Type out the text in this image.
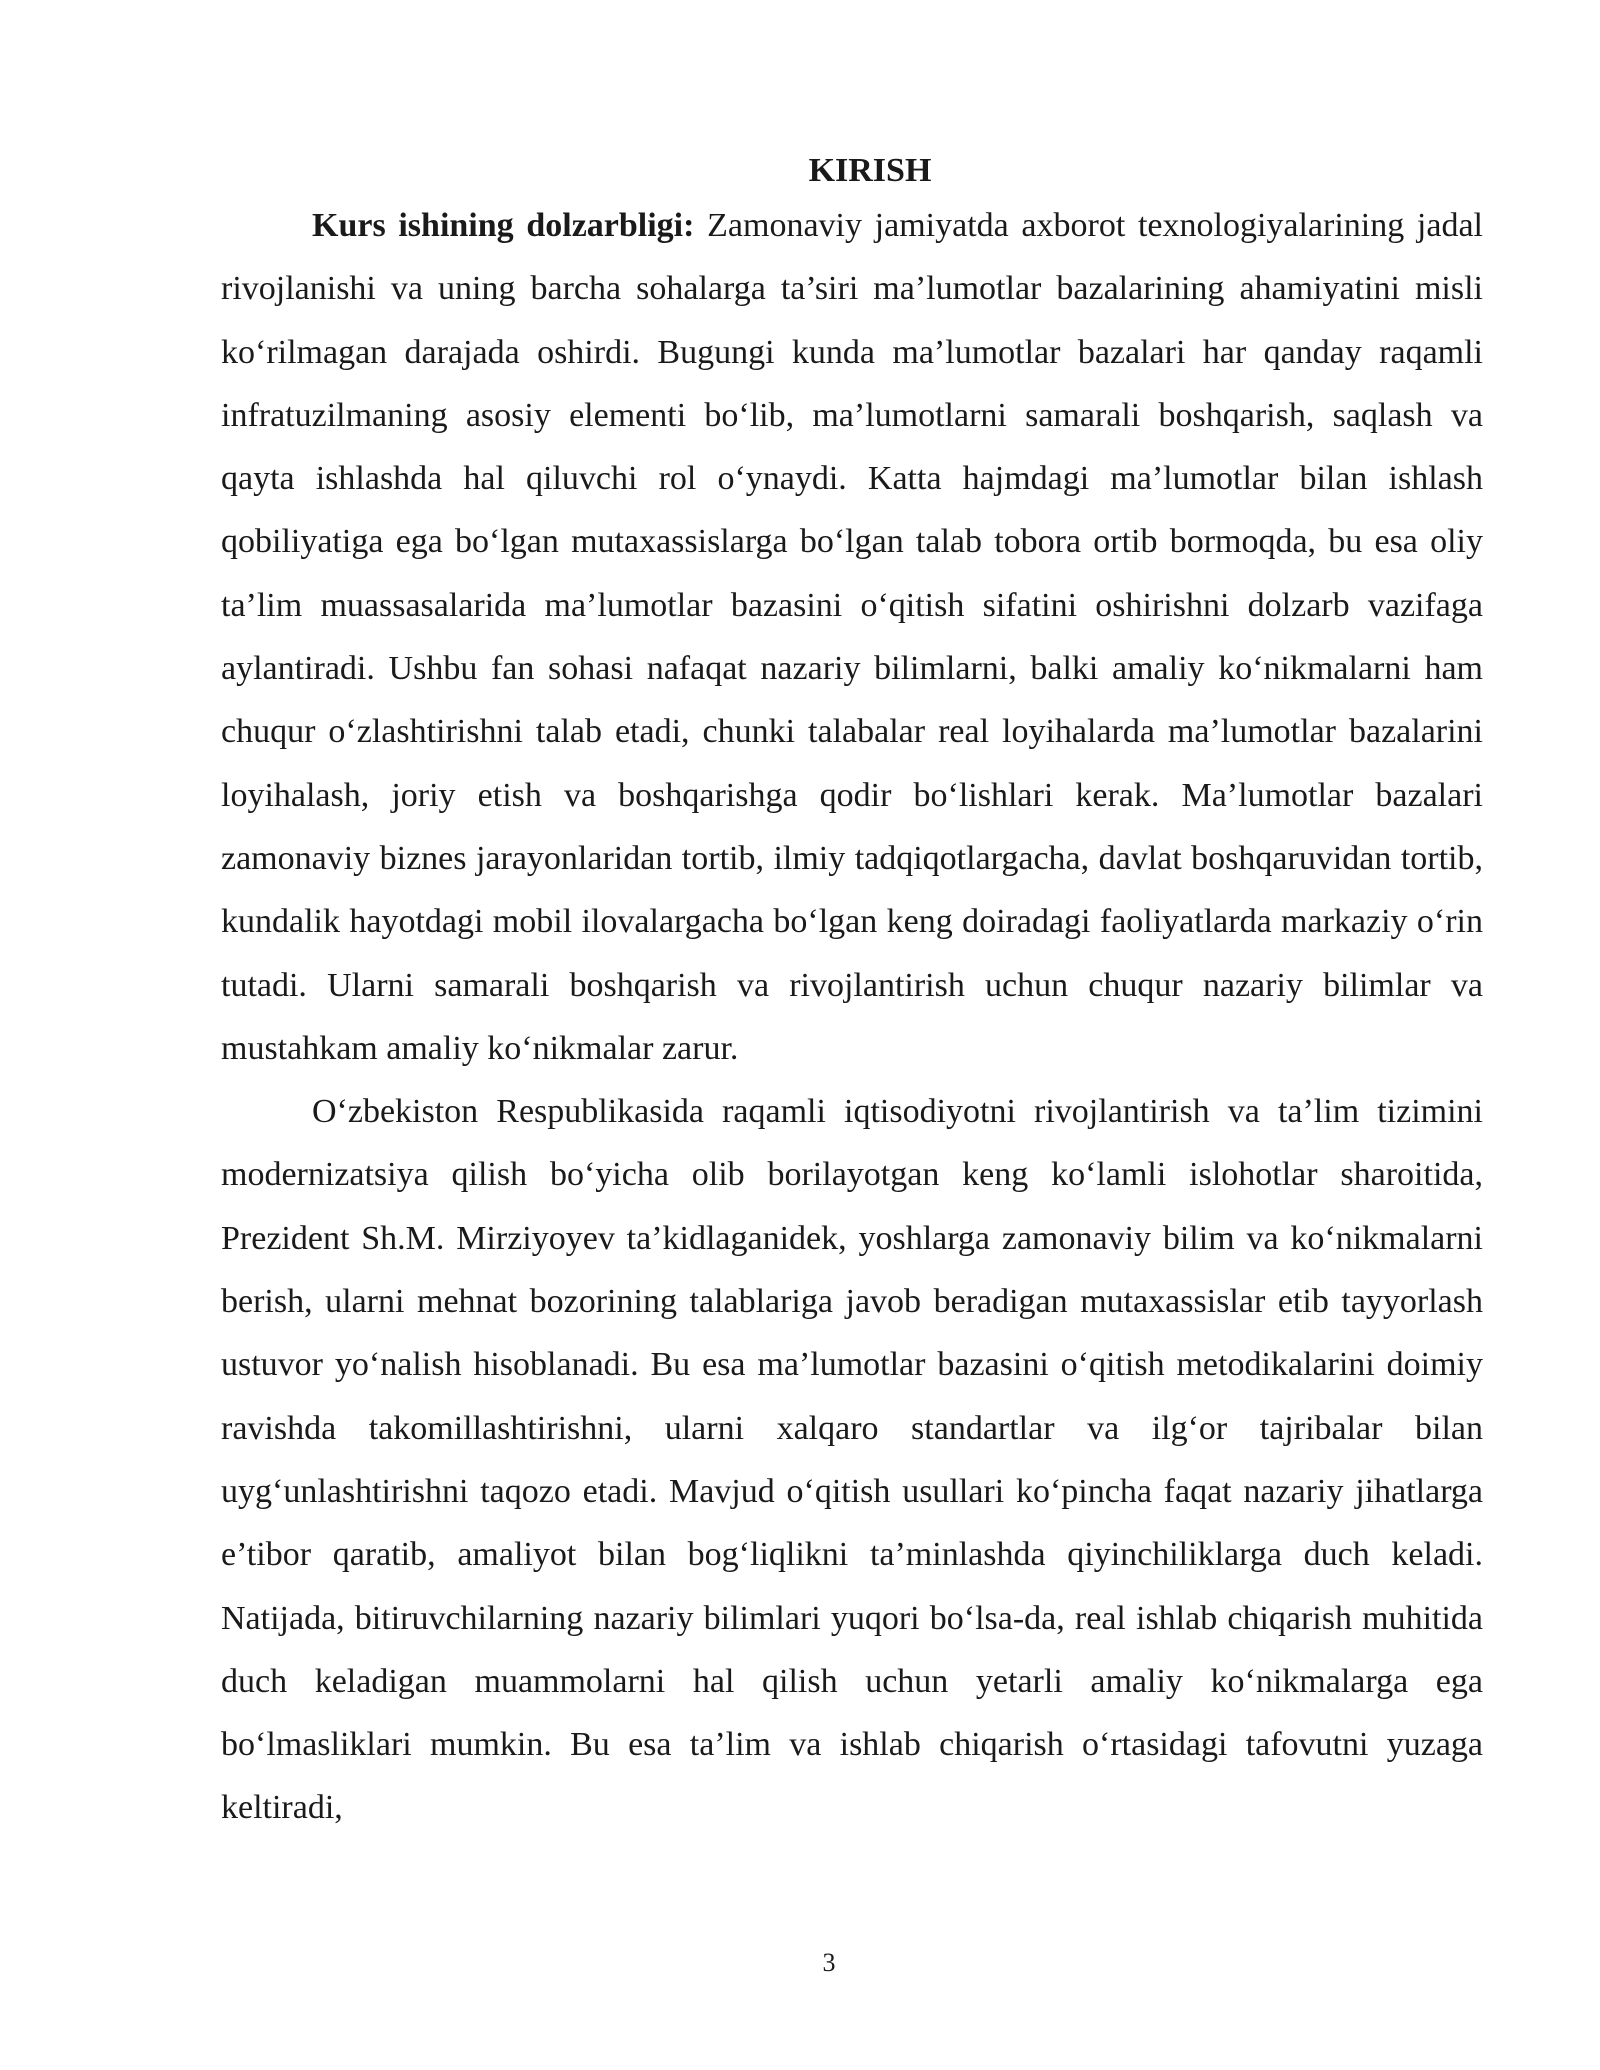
KIRISH

Kurs ishining dolzarbligi: Zamonaviy jamiyatda axborot texnologiyalarining jadal rivojlanishi va uning barcha sohalarga ta’siri ma’lumotlar bazalarining ahamiyatini misli ko‘rilmagan darajada oshirdi. Bugungi kunda ma’lumotlar bazalari har qanday raqamli infratuzilmaning asosiy elementi bo‘lib, ma’lumotlarni samarali boshqarish, saqlash va qayta ishlashda hal qiluvchi rol o‘ynaydi. Katta hajmdagi ma’lumotlar bilan ishlash qobiliyatiga ega bo‘lgan mutaxassislarga bo‘lgan talab tobora ortib bormoqda, bu esa oliy ta’lim muassasalarida ma’lumotlar bazasini o‘qitish sifatini oshirishni dolzarb vazifaga aylantiradi. Ushbu fan sohasi nafaqat nazariy bilimlarni, balki amaliy ko‘nikmalarni ham chuqur o‘zlashtirishni talab etadi, chunki talabalar real loyihalarda ma’lumotlar bazalarini loyihalash, joriy etish va boshqarishga qodir bo‘lishlari kerak. Ma’lumotlar bazalari zamonaviy biznes jarayonlaridan tortib, ilmiy tadqiqotlargacha, davlat boshqaruvidan tortib, kundalik hayotdagi mobil ilovalargacha bo‘lgan keng doiradagi faoliyatlarda markaziy o‘rin tutadi. Ularni samarali boshqarish va rivojlantirish uchun chuqur nazariy bilimlar va mustahkam amaliy ko‘nikmalar zarur.

O‘zbekiston Respublikasida raqamli iqtisodiyotni rivojlantirish va ta’lim tizimini modernizatsiya qilish bo‘yicha olib borilayotgan keng ko‘lamli islohotlar sharoitida, Prezident Sh.M. Mirziyoyev ta’kidlaganidek, yoshlarga zamonaviy bilim va ko‘nikmalarni berish, ularni mehnat bozorining talablariga javob beradigan mutaxassislar etib tayyorlash ustuvor yo‘nalish hisoblanadi. Bu esa ma’lumotlar bazasini o‘qitish metodikalarini doimiy ravishda takomillashtirishni, ularni xalqaro standartlar va ilg‘or tajribalar bilan uyg‘unlashtirishni taqozo etadi. Mavjud o‘qitish usullari ko‘pincha faqat nazariy jihatlarga e’tibor qaratib, amaliyot bilan bog‘liqlikni ta’minlashda qiyinchiliklarga duch keladi. Natijada, bitiruvchilarning nazariy bilimlari yuqori bo‘lsa-da, real ishlab chiqarish muhitida duch keladigan muammolarni hal qilish uchun yetarli amaliy ko‘nikmalarga ega bo‘lmasliklari mumkin. Bu esa ta’lim va ishlab chiqarish o‘rtasidagi tafovutni yuzaga keltiradi,

3
